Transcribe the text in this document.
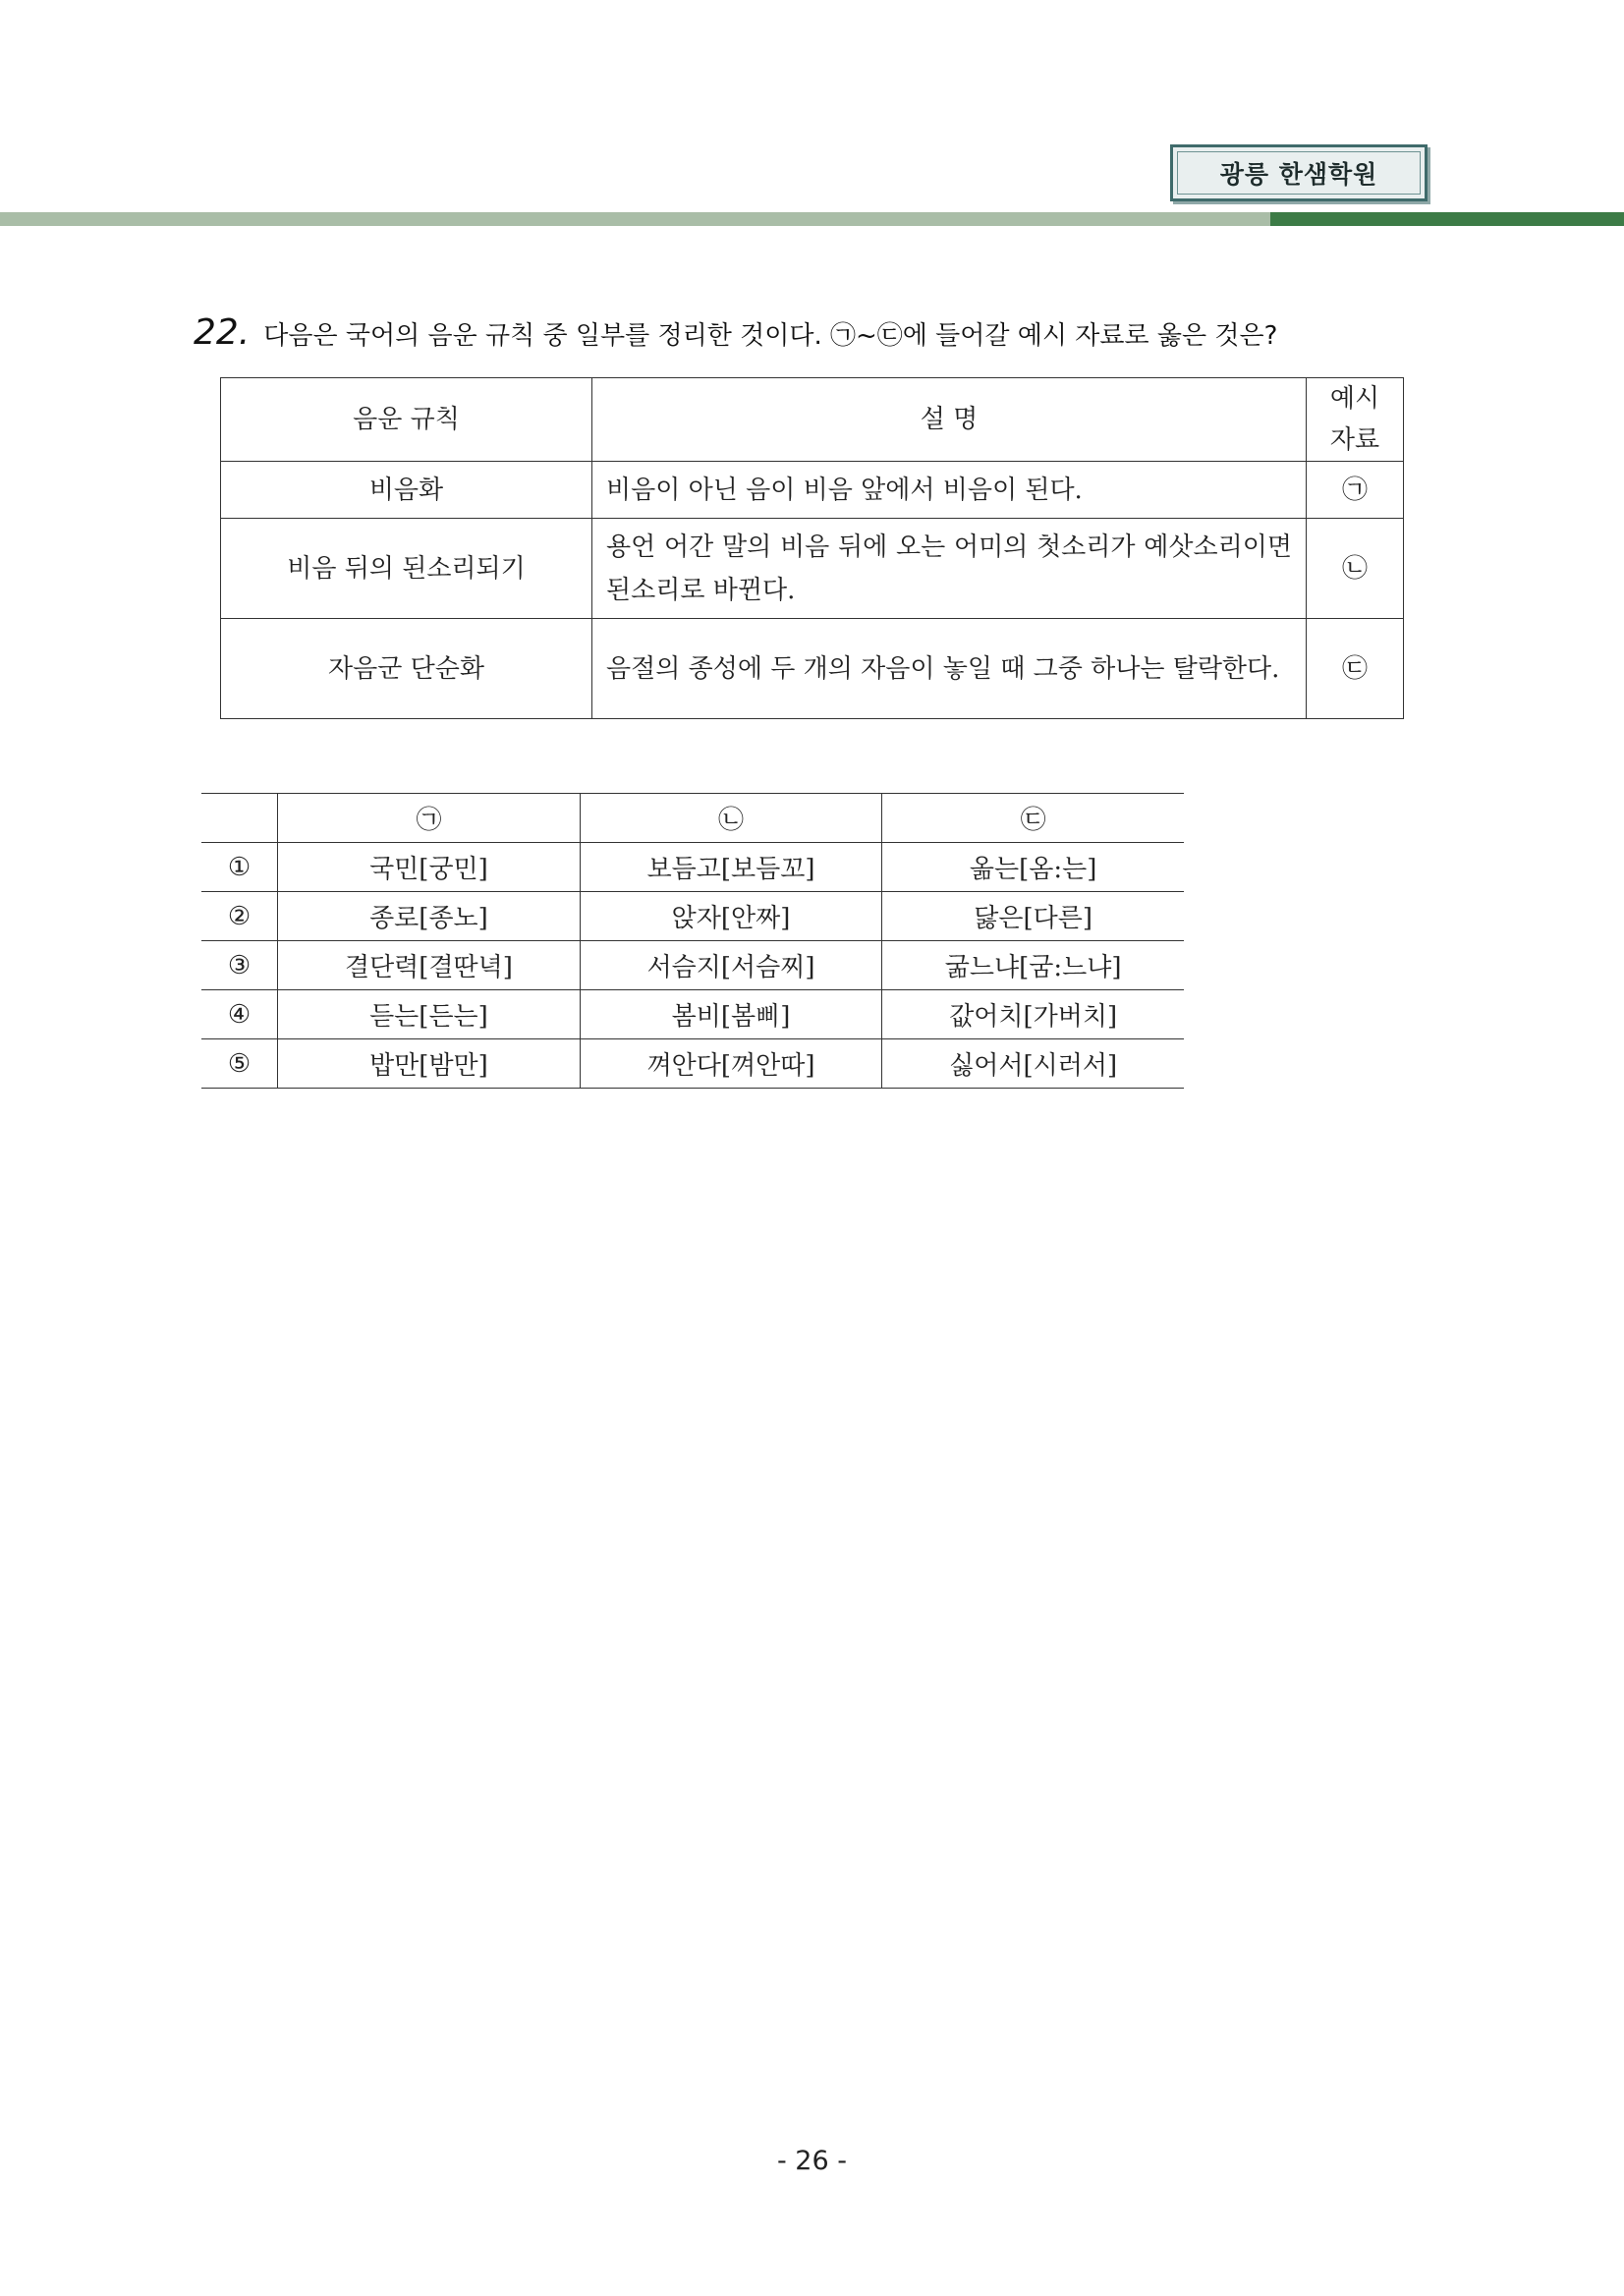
광릉 한샘학원
22. 다음은 국어의 음운 규칙 중 일부를 정리한 것이다. ㉠~㉢에 들어갈 예시 자료로 옳은 것은?
음운 규칙	설 명	예시 자료
비음화	비음이 아닌 음이 비음 앞에서 비음이 된다.	㉠
비음 뒤의 된소리되기	용언 어간 말의 비음 뒤에 오는 어미의 첫소리가 예삿소리이면 된소리로 바뀐다.	㉡
자음군 단순화	음절의 종성에 두 개의 자음이 놓일 때 그중 하나는 탈락한다.	㉢
	㉠	㉡	㉢
①	국민[궁민]	보듬고[보듬꼬]	옮는[옴:는]
②	종로[종노]	앉자[안짜]	닳은[다른]
③	결단력[결딴녁]	서슴지[서슴찌]	굶느냐[굼:느냐]
④	듣는[든는]	봄비[봄삐]	값어치[가버치]
⑤	밥만[밤만]	껴안다[껴안따]	싫어서[시러서]
- 26 -
